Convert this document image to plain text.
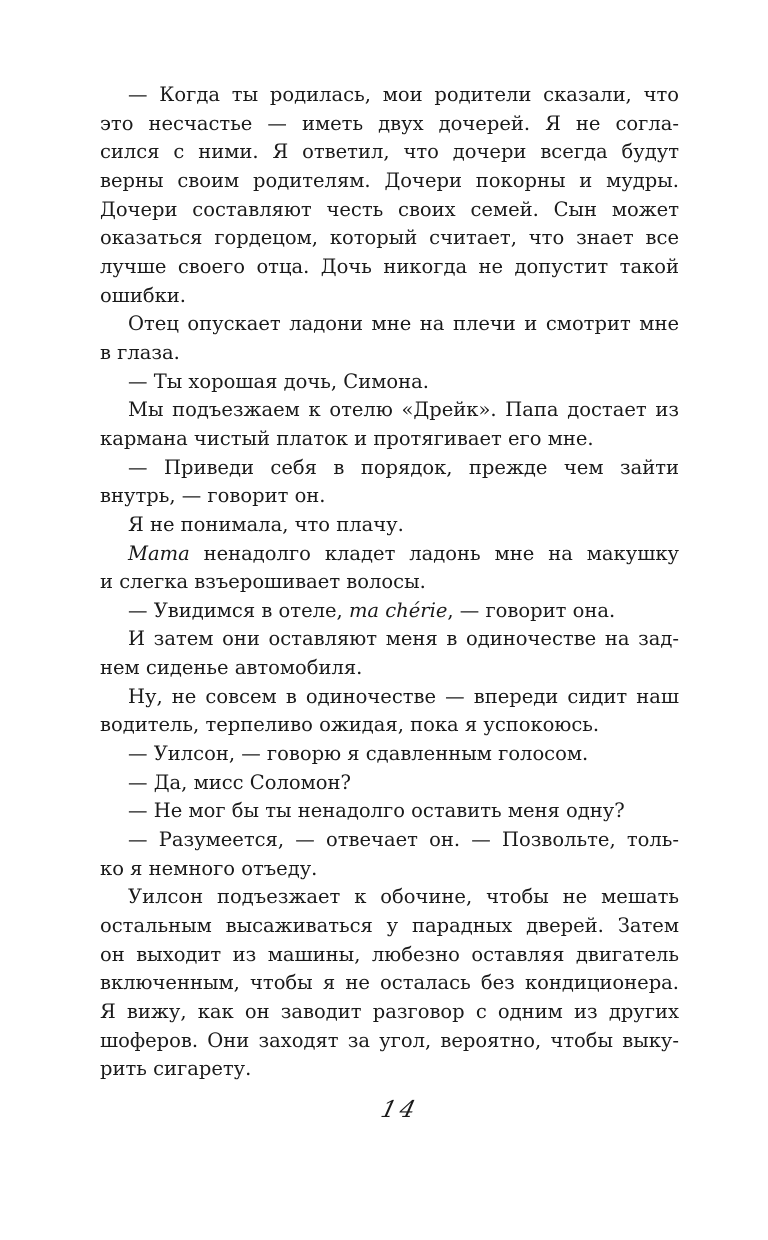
— Когда ты родилась, мои родители сказали, что
это несчастье — иметь двух дочерей. Я не согла-
сился с ними. Я ответил, что дочери всегда будут
верны своим родителям. Дочери покорны и мудры.
Дочери составляют честь своих семей. Сын может
оказаться гордецом, который считает, что знает все
лучше своего отца. Дочь никогда не допустит такой
ошибки.
Отец опускает ладони мне на плечи и смотрит мне
в глаза.
— Ты хорошая дочь, Симона.
Мы подъезжаем к отелю «Дрейк». Папа достает из
кармана чистый платок и протягивает его мне.
— Приведи себя в порядок, прежде чем зайти
внутрь, — говорит он.
Я не понимала, что плачу.
Mama ненадолго кладет ладонь мне на макушку
и слегка взъерошивает волосы.
— Увидимся в отеле, ma chérie, — говорит она.
И затем они оставляют меня в одиночестве на зад-
нем сиденье автомобиля.
Ну, не совсем в одиночестве — впереди сидит наш
водитель, терпеливо ожидая, пока я успокоюсь.
— Уилсон, — говорю я сдавленным голосом.
— Да, мисс Соломон?
— Не мог бы ты ненадолго оставить меня одну?
— Разумеется, — отвечает он. — Позвольте, толь-
ко я немного отъеду.
Уилсон подъезжает к обочине, чтобы не мешать
остальным высаживаться у парадных дверей. Затем
он выходит из машины, любезно оставляя двигатель
включенным, чтобы я не осталась без кондиционера.
Я вижу, как он заводит разговор с одним из других
шоферов. Они заходят за угол, вероятно, чтобы выку-
рить сигарету.
14
